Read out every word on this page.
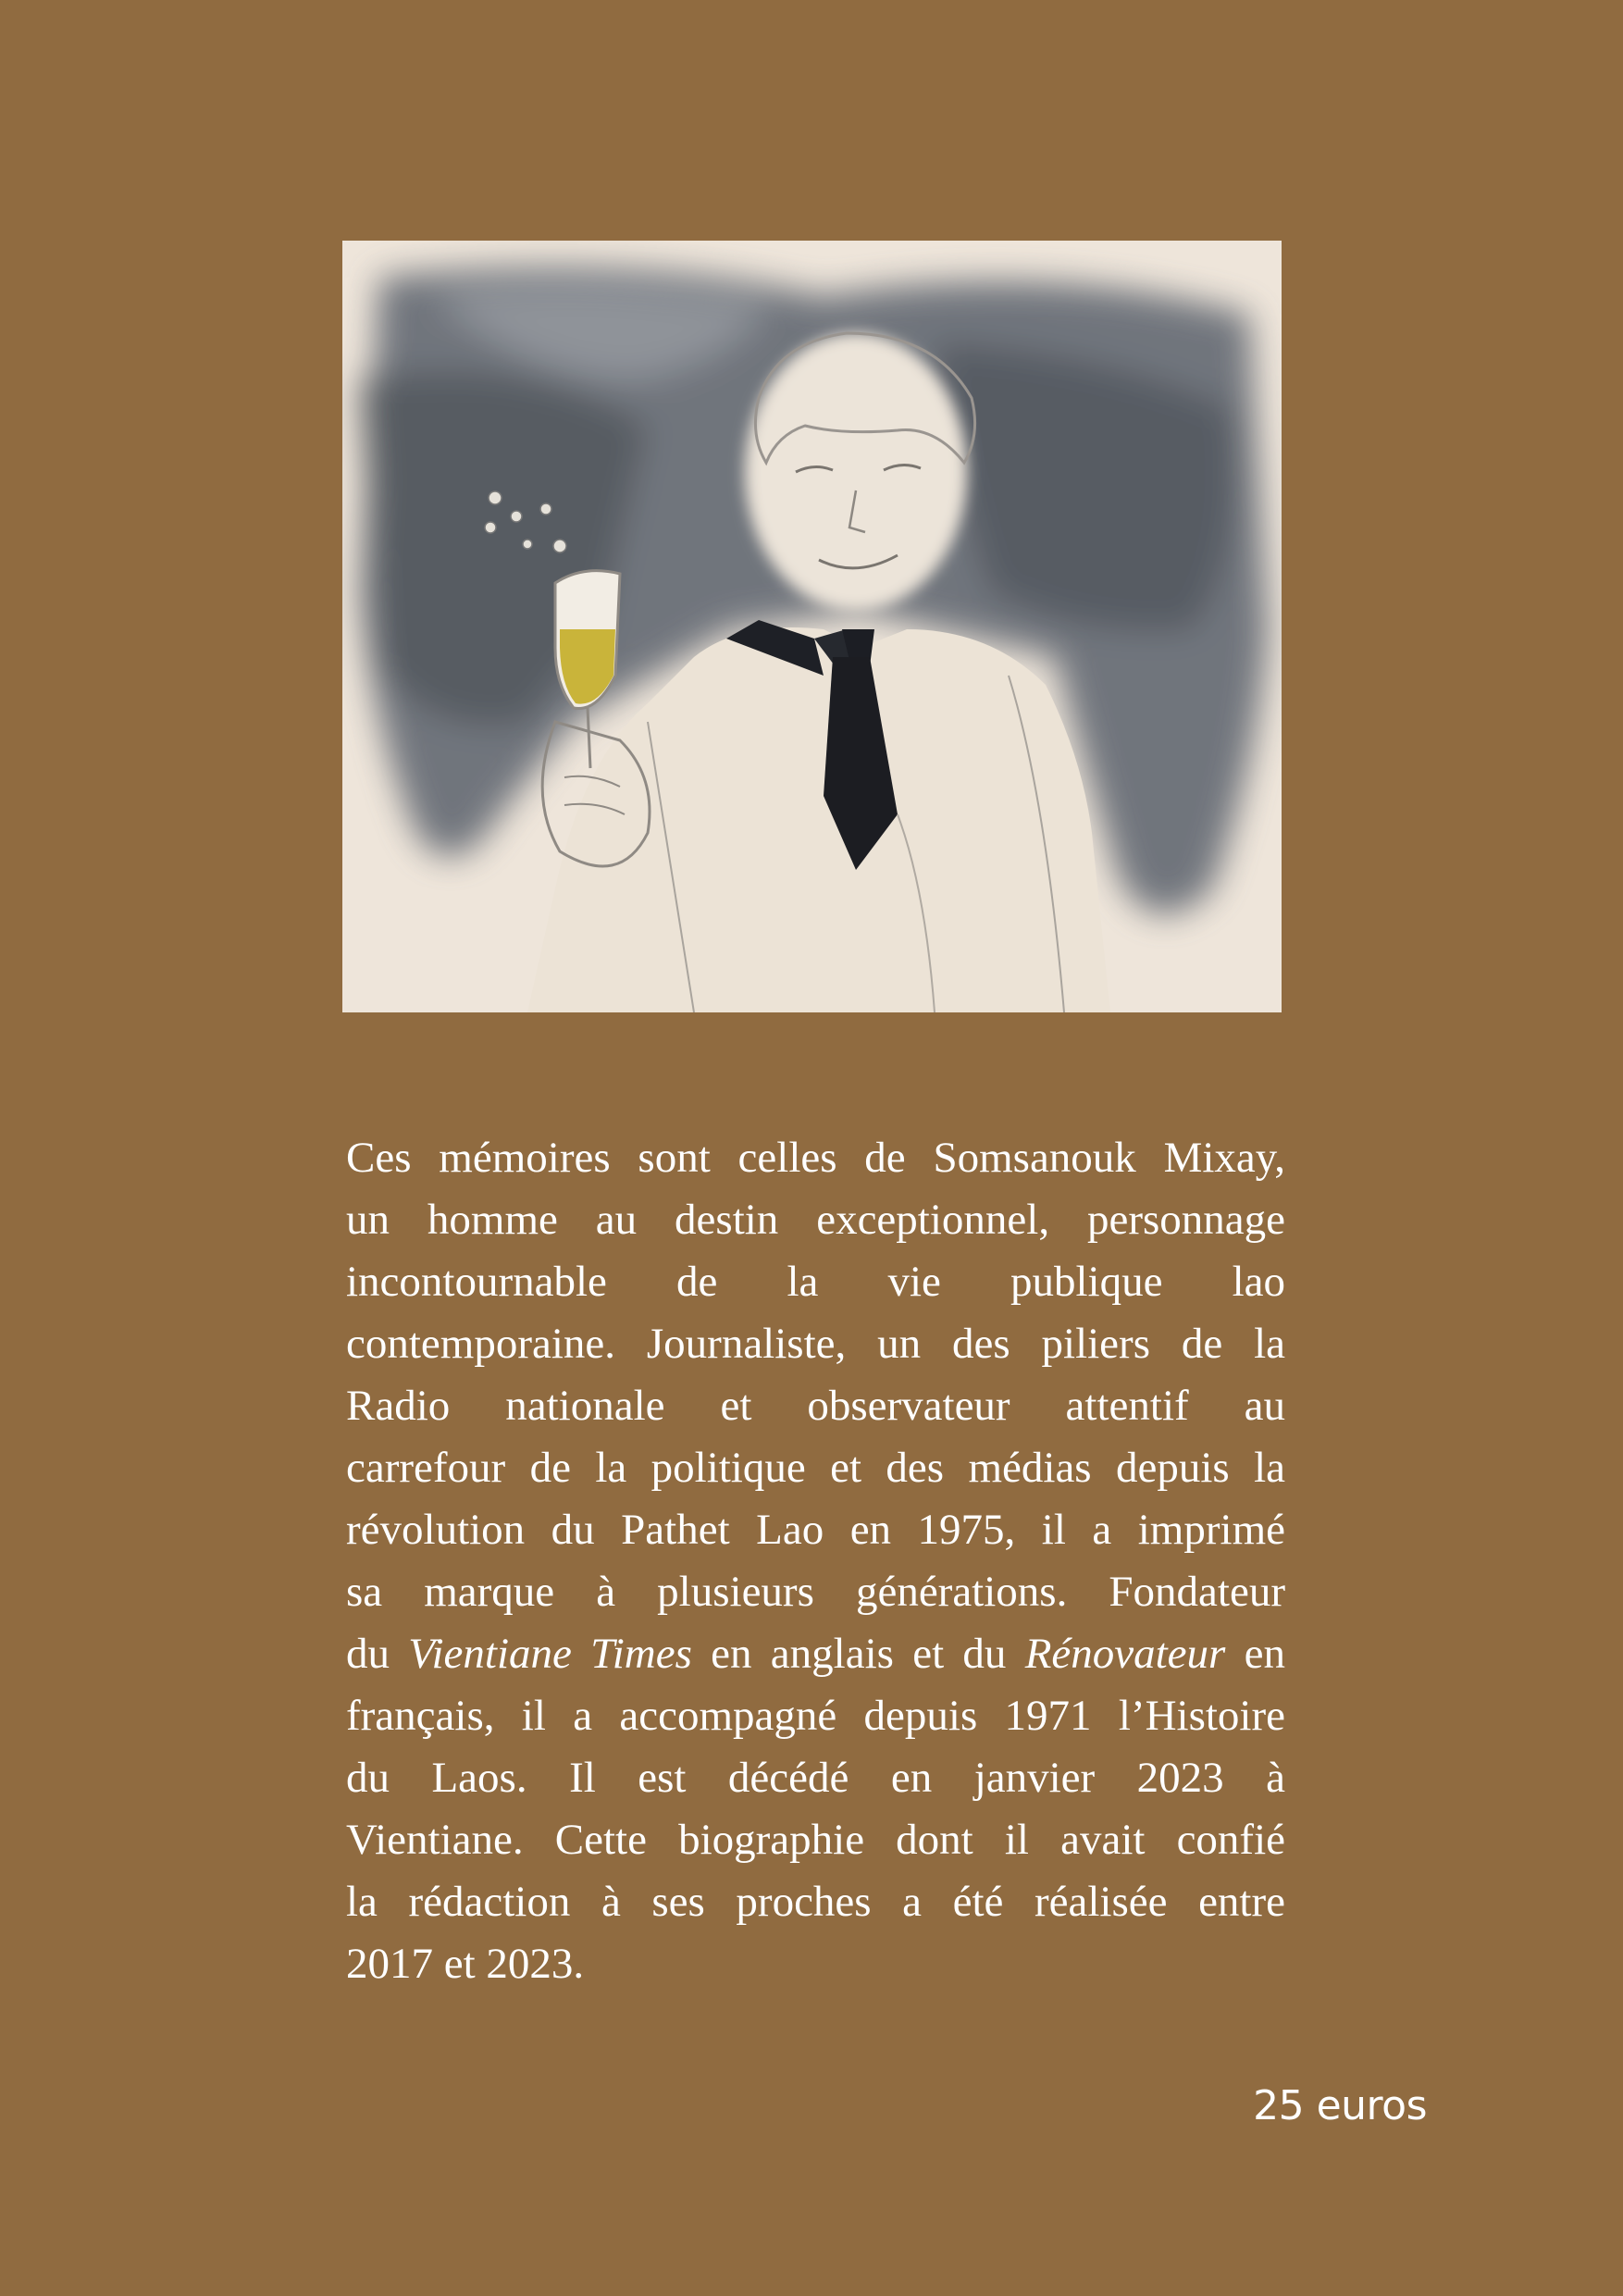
Ces mémoires sont celles de Somsanouk Mixay,
un homme au destin exceptionnel, personnage
incontournable de la vie publique lao
contemporaine. Journaliste, un des piliers de la
Radio nationale et observateur attentif au
carrefour de la politique et des médias depuis la
révolution du Pathet Lao en 1975, il a imprimé
sa marque à plusieurs générations. Fondateur
du Vientiane Times en anglais et du Rénovateur en
français, il a accompagné depuis 1971 l’Histoire
du Laos. Il est décédé en janvier 2023 à
Vientiane. Cette biographie dont il avait confié
la rédaction à ses proches a été réalisée entre
2017 et 2023.
25 euros
